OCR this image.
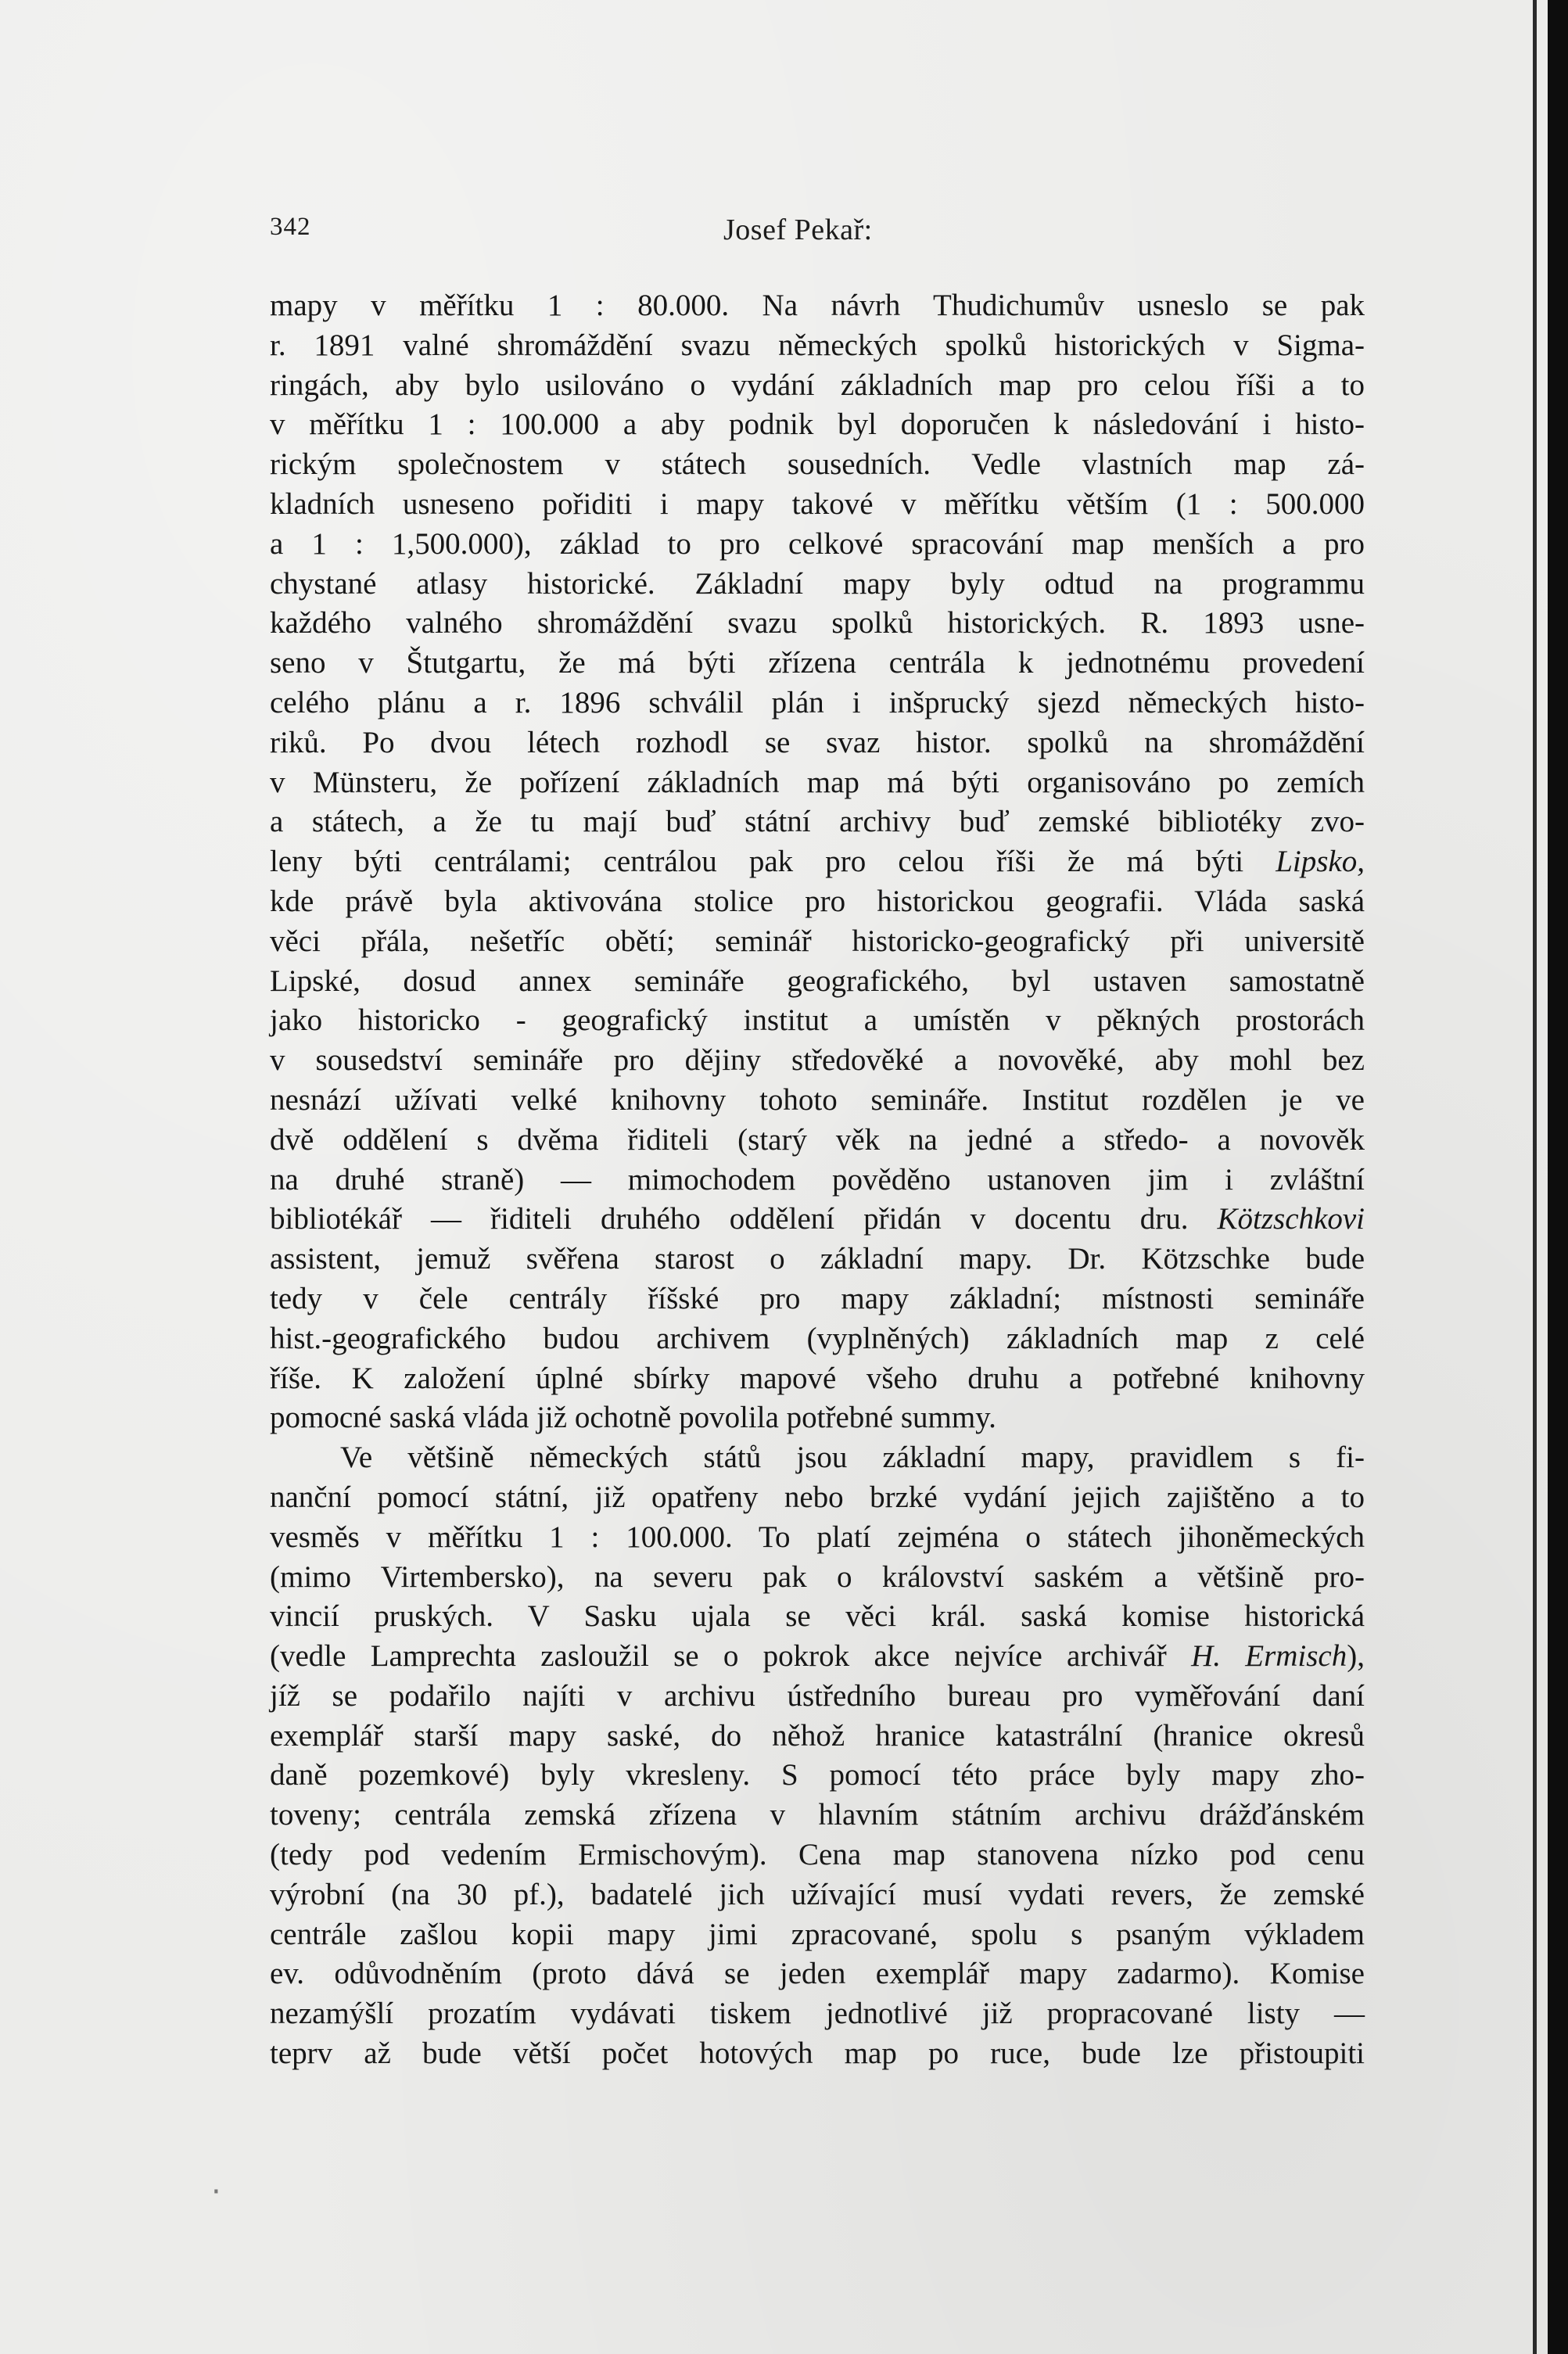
342	Josef Pekař:
mapy v měřítku 1 : 80.000. Na návrh Thudichumův usneslo se pak
r. 1891 valné shromáždění svazu německých spolků historických v Sigma-
ringách, aby bylo usilováno o vydání základních map pro celou říši a to
v měřítku 1 : 100.000 a aby podnik byl doporučen k následování i histo-
rickým společnostem v státech sousedních. Vedle vlastních map zá-
kladních usneseno pořiditi i mapy takové v měřítku větším (1 : 500.000
a 1 : 1,500.000), základ to pro celkové spracování map menších a pro
chystané atlasy historické. Základní mapy byly odtud na programmu
každého valného shromáždění svazu spolků historických. R. 1893 usne-
seno v Štutgartu, že má býti zřízena centrála k jednotnému provedení
celého plánu a r. 1896 schválil plán i inšprucký sjezd německých histo-
riků. Po dvou létech rozhodl se svaz histor. spolků na shromáždění
v Münsteru, že pořízení základních map má býti organisováno po zemích
a státech, a že tu mají buď státní archivy buď zemské bibliotéky zvo-
leny býti centrálami; centrálou pak pro celou říši že má býti Lipsko,
kde právě byla aktivována stolice pro historickou geografii. Vláda saská
věci přála, nešetříc obětí; seminář historicko-geografický při universitě
Lipské, dosud annex semináře geografického, byl ustaven samostatně
jako historicko - geografický institut a umístěn v pěkných prostorách
v sousedství semináře pro dějiny středověké a novověké, aby mohl bez
nesnází užívati velké knihovny tohoto semináře. Institut rozdělen je ve
dvě oddělení s dvěma řiditeli (starý věk na jedné a středo- a novověk
na druhé straně) — mimochodem pověděno ustanoven jim i zvláštní
bibliotékář — řiditeli druhého oddělení přidán v docentu dru. Kötzschkovi
assistent, jemuž svěřena starost o základní mapy. Dr. Kötzschke bude
tedy v čele centrály říšské pro mapy základní; místnosti semináře
hist.-geografického budou archivem (vyplněných) základních map z celé
říše. K založení úplné sbírky mapové všeho druhu a potřebné knihovny
pomocné saská vláda již ochotně povolila potřebné summy.
Ve většině německých států jsou základní mapy, pravidlem s fi-
nanční pomocí státní, již opatřeny nebo brzké vydání jejich zajištěno a to
vesměs v měřítku 1 : 100.000. To platí zejména o státech jihoněmeckých
(mimo Virtembersko), na severu pak o království saském a většině pro-
vincií pruských. V Sasku ujala se věci král. saská komise historická
(vedle Lamprechta zasloužil se o pokrok akce nejvíce archivář H. Ermisch),
jíž se podařilo najíti v archivu ústředního bureau pro vyměřování daní
exemplář starší mapy saské, do něhož hranice katastrální (hranice okresů
daně pozemkové) byly vkresleny. S pomocí této práce byly mapy zho-
toveny; centrála zemská zřízena v hlavním státním archivu drážďánském
(tedy pod vedením Ermischovým). Cena map stanovena nízko pod cenu
výrobní (na 30 pf.), badatelé jich užívající musí vydati revers, že zemské
centrále zašlou kopii mapy jimi zpracované, spolu s psaným výkladem
ev. odůvodněním (proto dává se jeden exemplář mapy zadarmo). Komise
nezamýšlí prozatím vydávati tiskem jednotlivé již propracované listy —
teprv až bude větší počet hotových map po ruce, bude lze přistoupiti
·
